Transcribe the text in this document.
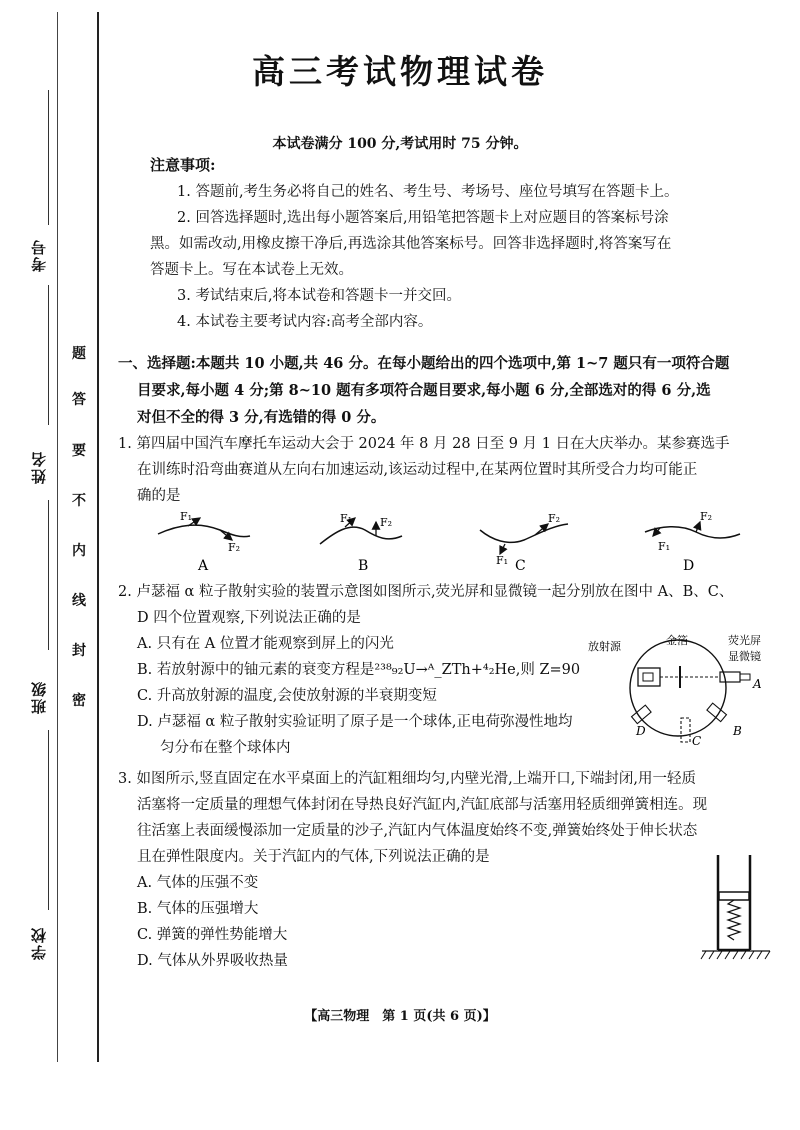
考号
姓名
班级
学校
题
答
要
不
内
线
封
密
高三考试物理试卷
本试卷满分 100 分,考试用时 75 分钟。
注意事项:
1. 答题前,考生务必将自己的姓名、考生号、考场号、座位号填写在答题卡上。
2. 回答选择题时,选出每小题答案后,用铅笔把答题卡上对应题目的答案标号涂
黑。如需改动,用橡皮擦干净后,再选涂其他答案标号。回答非选择题时,将答案写在
答题卡上。写在本试卷上无效。
3. 考试结束后,将本试卷和答题卡一并交回。
4. 本试卷主要考试内容:高考全部内容。
一、选择题:本题共 10 小题,共 46 分。在每小题给出的四个选项中,第 1~7 题只有一项符合题
目要求,每小题 4 分;第 8~10 题有多项符合题目要求,每小题 6 分,全部选对的得 6 分,选
对但不全的得 3 分,有选错的得 0 分。
1. 第四届中国汽车摩托车运动大会于 2024 年 8 月 28 日至 9 月 1 日在大庆举办。某参赛选手
在训练时沿弯曲赛道从左向右加速运动,该运动过程中,在某两位置时其所受合力均可能正
确的是
F₁
F₂
A
F₁	F₂
B	F₁
F₂
C
F₁
F₂
D
2. 卢瑟福 α 粒子散射实验的装置示意图如图所示,荧光屏和显微镜一起分别放在图中 A、B、C、
D 四个位置观察,下列说法正确的是
A. 只有在 A 位置才能观察到屏上的闪光
B. 若放射源中的铀元素的衰变方程是²³⁸₉₂U→ᴬ_ZTh+⁴₂He,则 Z=90
C. 升高放射源的温度,会使放射源的半衰期变短
D. 卢瑟福 α 粒子散射实验证明了原子是一个球体,正电荷弥漫性地均
匀分布在整个球体内
放射源	金箔	荧光屏
显微镜
A
B
C
D
3. 如图所示,竖直固定在水平桌面上的汽缸粗细均匀,内壁光滑,上端开口,下端封闭,用一轻质
活塞将一定质量的理想气体封闭在导热良好汽缸内,汽缸底部与活塞用轻质细弹簧相连。现
往活塞上表面缓慢添加一定质量的沙子,汽缸内气体温度始终不变,弹簧始终处于伸长状态
且在弹性限度内。关于汽缸内的气体,下列说法正确的是
A. 气体的压强不变
B. 气体的压强增大
C. 弹簧的弹性势能增大
D. 气体从外界吸收热量
【高三物理　第 1 页(共 6 页)】
